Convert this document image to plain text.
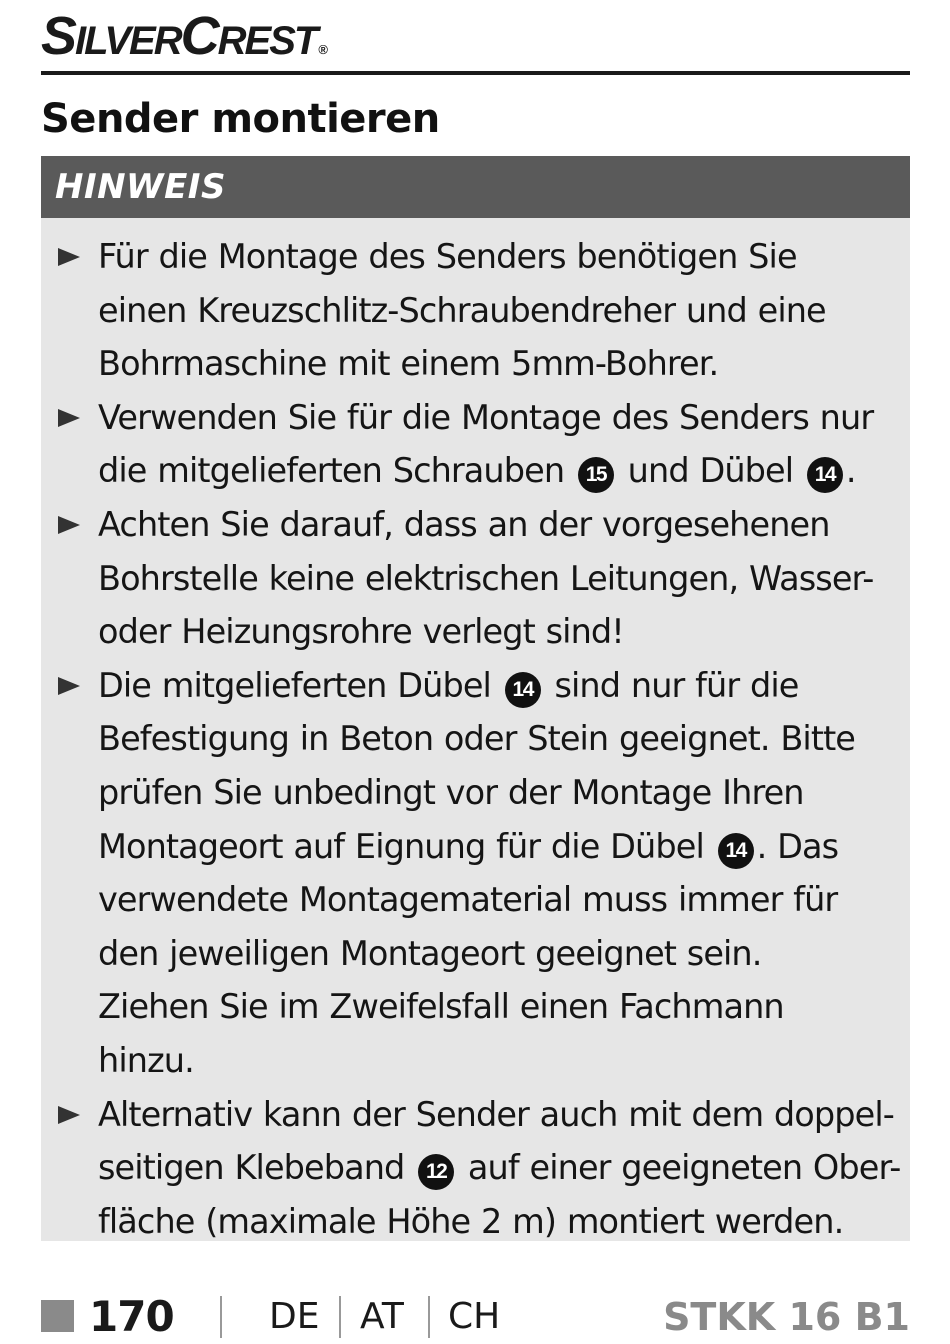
SILVERCREST ®
Sender montieren
HINWEIS
Für die Montage des Senders benötigen Sie
einen Kreuzschlitz-Schraubendreher und eine
Bohrmaschine mit einem 5mm-Bohrer.
Verwenden Sie für die Montage des Senders nur
die mitgelieferten Schrauben 15 und Dübel 14 .
Achten Sie darauf, dass an der vorgesehenen
Bohrstelle keine elektrischen Leitungen, Wasser-
oder Heizungsrohre verlegt sind!
Die mitgelieferten Dübel 14 sind nur für die
Befestigung in Beton oder Stein geeignet. Bitte
prüfen Sie unbedingt vor der Montage Ihren
Montageort auf Eignung für die Dübel 14 . Das
verwendete Montagematerial muss immer für
den jeweiligen Montageort geeignet sein.
Ziehen Sie im Zweifelsfall einen Fachmann
hinzu.
Alternativ kann der Sender auch mit dem doppel-
seitigen Klebeband 12 auf einer geeigneten Ober-
fläche (maximale Höhe 2 m) montiert werden.
170	DE AT CH	STKK 16 B1
